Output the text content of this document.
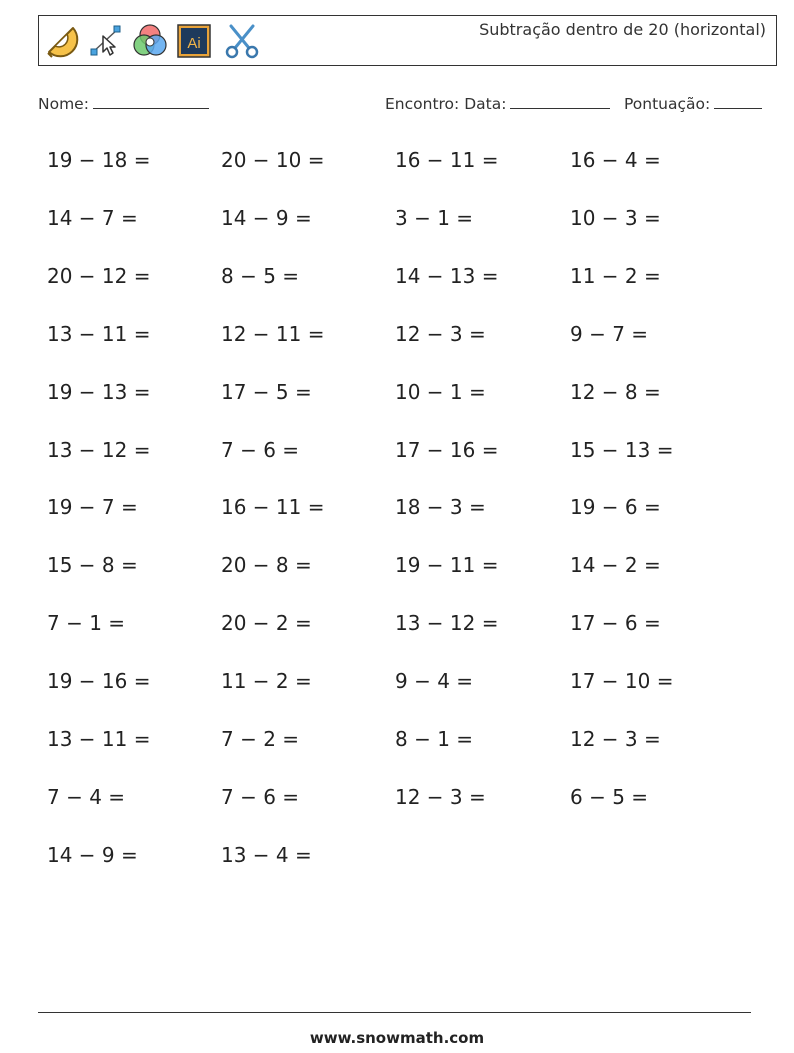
Ai
Subtração dentro de 20 (horizontal)
Nome:	Encontro: Data:	Pontuação:
19 − 18 =	20 − 10 =	16 − 11 =	16 − 4 =
14 − 7 =	14 − 9 =	3 − 1 =	10 − 3 =
20 − 12 =	8 − 5 =	14 − 13 =	11 − 2 =
13 − 11 =	12 − 11 =	12 − 3 =	9 − 7 =
19 − 13 =	17 − 5 =	10 − 1 =	12 − 8 =
13 − 12 =	7 − 6 =	17 − 16 =	15 − 13 =
19 − 7 =	16 − 11 =	18 − 3 =	19 − 6 =
15 − 8 =	20 − 8 =	19 − 11 =	14 − 2 =
7 − 1 =	20 − 2 =	13 − 12 =	17 − 6 =
19 − 16 =	11 − 2 =	9 − 4 =	17 − 10 =
13 − 11 =	7 − 2 =	8 − 1 =	12 − 3 =
7 − 4 =	7 − 6 =	12 − 3 =	6 − 5 =
14 − 9 =	13 − 4 =
www.snowmath.com
